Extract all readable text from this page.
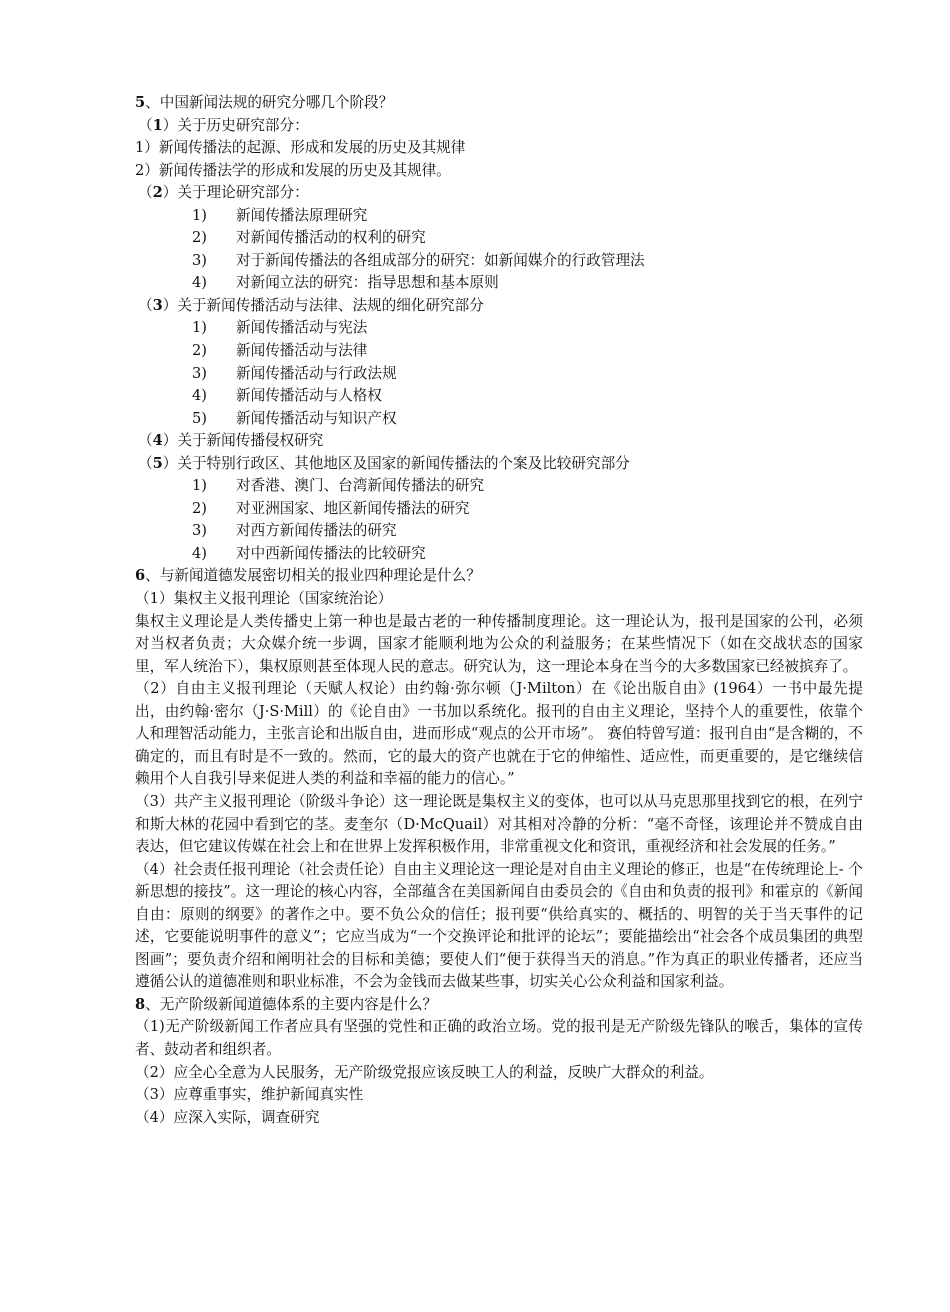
5、中国新闻法规的研究分哪几个阶段？
（1）关于历史研究部分：
1）新闻传播法的起源、形成和发展的历史及其规律
2）新闻传播法学的形成和发展的历史及其规律。
（2）关于理论研究部分：
1) 新闻传播法原理研究
2) 对新闻传播活动的权利的研究
3) 对于新闻传播法的各组成部分的研究：如新闻媒介的行政管理法
4) 对新闻立法的研究：指导思想和基本原则
（3）关于新闻传播活动与法律、法规的细化研究部分
1) 新闻传播活动与宪法
2) 新闻传播活动与法律
3) 新闻传播活动与行政法规
4) 新闻传播活动与人格权
5) 新闻传播活动与知识产权
（4）关于新闻传播侵权研究
（5）关于特别行政区、其他地区及国家的新闻传播法的个案及比较研究部分
1) 对香港、澳门、台湾新闻传播法的研究
2) 对亚洲国家、地区新闻传播法的研究
3) 对西方新闻传播法的研究
4) 对中西新闻传播法的比较研究
6、与新闻道德发展密切相关的报业四种理论是什么？
（1）集权主义报刊理论（国家统治论）
集权主义理论是人类传播史上第一种也是最古老的一种传播制度理论。这一理论认为，报刊是国家的公刊，必须对当权者负责；大众媒介统一步调，国家才能顺利地为公众的利益服务；在某些情况下（如在交战状态的国家里，军人统治下），集权原则甚至体现人民的意志。研究认为，这一理论本身在当今的大多数国家已经被摈弃了。
（2）自由主义报刊理论（天赋人权论）由约翰·弥尔顿（J·Milton）在《论出版自由》(1964）一书中最先提出，由约翰·密尔（J·S·Mill）的《论自由》一书加以系统化。报刊的自由主义理论，坚持个人的重要性，依靠个人和理智活动能力，主张言论和出版自由，进而形成“观点的公开市场”。 赛伯特曾写道：报刊自由“是含糊的，不确定的，而且有时是不一致的。然而，它的最大的资产也就在于它的伸缩性、适应性，而更重要的，是它继续信赖用个人自我引导来促进人类的利益和幸福的能力的信心。”
（3）共产主义报刊理论（阶级斗争论）这一理论既是集权主义的变体，也可以从马克思那里找到它的根，在列宁和斯大林的花园中看到它的茎。麦奎尔（D·McQuail）对其相对冷静的分析：“毫不奇怪，该理论并不赞成自由表达，但它建议传媒在社会上和在世界上发挥积极作用，非常重视文化和资讯，重视经济和社会发展的任务。”
（4）社会责任报刊理论（社会责任论）自由主义理论这一理论是对自由主义理论的修正，也是“在传统理论上- 个新思想的接技”。这一理论的核心内容，全部蕴含在美国新闻自由委员会的《自由和负责的报刊》和霍京的《新闻自由：原则的纲要》的著作之中。要不负公众的信任；报刊要“供给真实的、概括的、明智的关于当天事件的记述，它要能说明事件的意义”；它应当成为“一个交换评论和批评的论坛”；要能描绘出“社会各个成员集团的典型图画”；要负责介绍和阐明社会的目标和美德；要使人们“便于获得当天的消息。”作为真正的职业传播者，还应当遵循公认的道德准则和职业标准，不会为金钱而去做某些事，切实关心公众利益和国家利益。
8、无产阶级新闻道德体系的主要内容是什么？
（1)无产阶级新闻工作者应具有坚强的党性和正确的政治立场。党的报刊是无产阶级先锋队的喉舌，集体的宣传者、鼓动者和组织者。
（2）应全心全意为人民服务，无产阶级党报应该反映工人的利益，反映广大群众的利益。
（3）应尊重事实，维护新闻真实性
（4）应深入实际，调查研究
